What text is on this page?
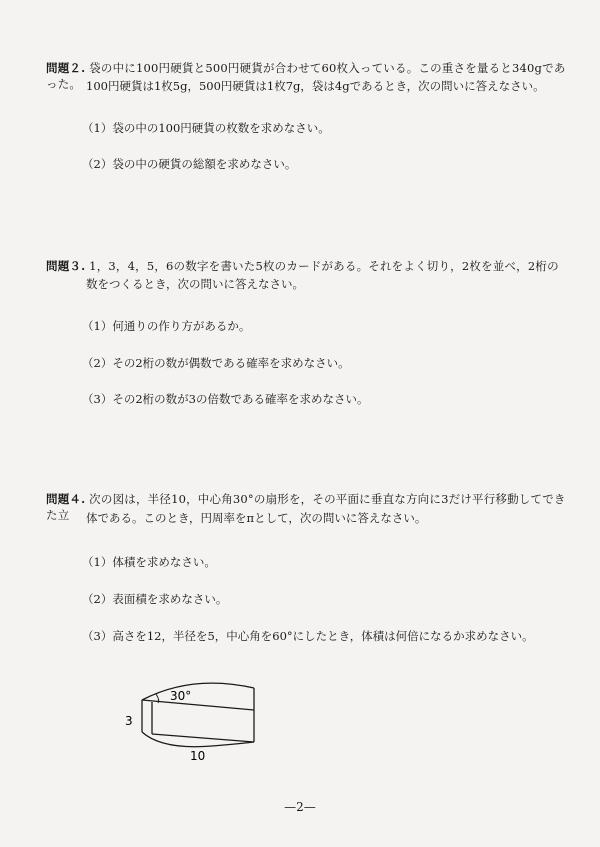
問題２. 袋の中に100円硬貨と500円硬貨が合わせて60枚入っている。この重さを量ると340gであった。 100円硬貨は1枚5g，500円硬貨は1枚7g，袋は4gであるとき，次の問いに答えなさい。
（1）袋の中の100円硬貨の枚数を求めなさい。
（2）袋の中の硬貨の総額を求めなさい。
問題３. 1，3，4，5，6の数字を書いた5枚のカードがある。それをよく切り，2枚を並べ，2桁の
数をつくるとき，次の問いに答えなさい。
（1）何通りの作り方があるか。
（2）その2桁の数が偶数である確率を求めなさい。
（3）その2桁の数が3の倍数である確率を求めなさい。
問題４. 次の図は，半径10，中心角30°の扇形を，その平面に垂直な方向に3だけ平行移動してできた立	体である。このとき，円周率をπとして，次の問いに答えなさい。
（1）体積を求めなさい。
（2）表面積を求めなさい。
（3）高さを12，半径を5，中心角を60°にしたとき，体積は何倍になるか求めなさい。
30°
3
10
—2—
